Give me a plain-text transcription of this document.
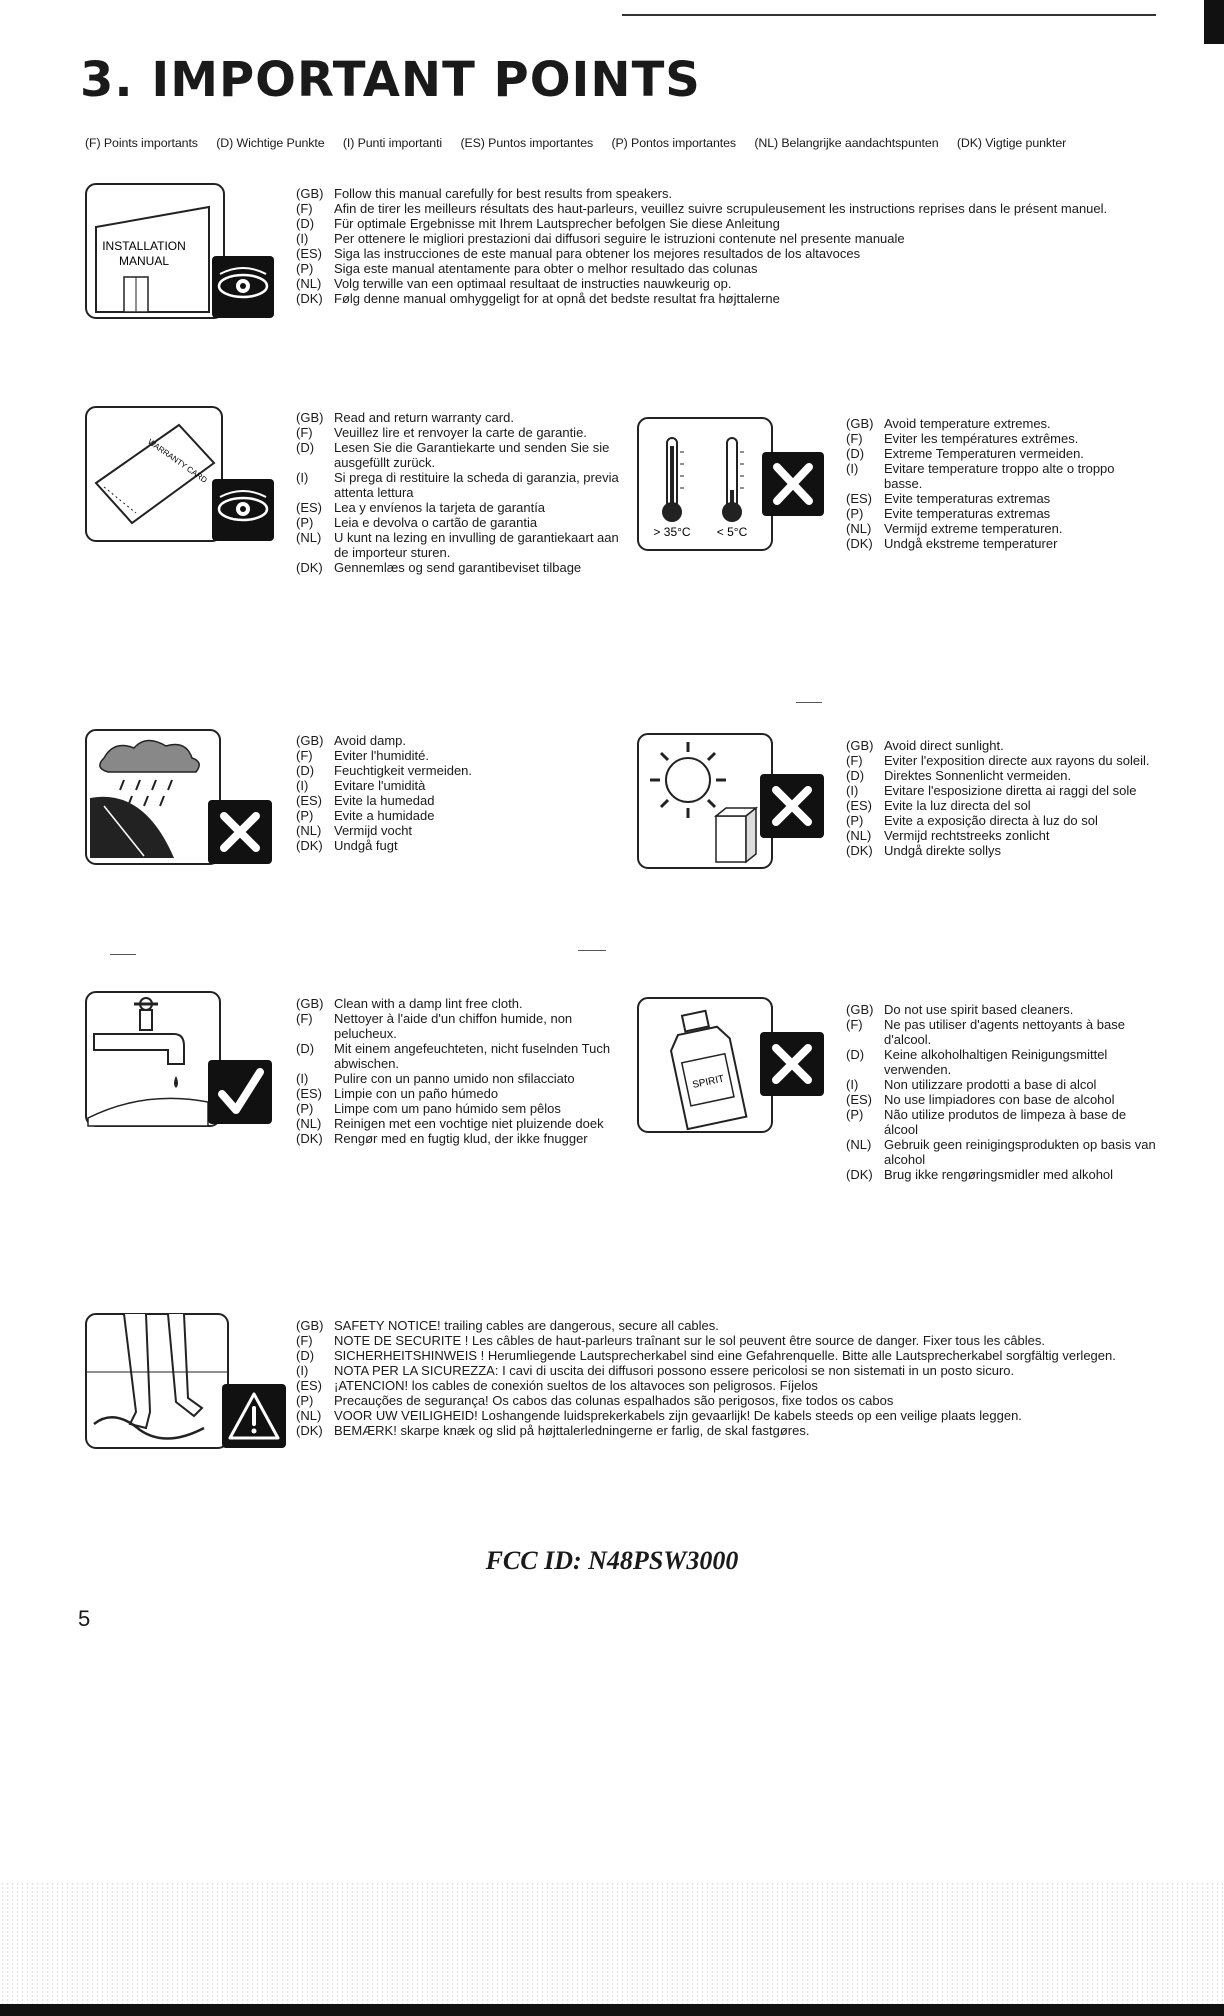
3. IMPORTANT POINTS
(F) Points importants (D) Wichtige Punkte (I) Punti importanti (ES) Puntos importantes (P) Pontos importantes (NL) Belangrijke aandachtspunten (DK) Vigtige punkter
INSTALLATION
MANUAL
(GB)	Follow this manual carefully for best results from speakers.
(F)	Afin de tirer les meilleurs résultats des haut-parleurs, veuillez suivre scrupuleusement les instructions reprises dans le présent manuel.
(D)	Für optimale Ergebnisse mit Ihrem Lautsprecher befolgen Sie diese Anleitung
(I)	Per ottenere le migliori prestazioni dai diffusori seguire le istruzioni contenute nel presente manuale
(ES)	Siga las instrucciones de este manual para obtener los mejores resultados de los altavoces
(P)	Siga este manual atentamente para obter o melhor resultado das colunas
(NL)	Volg terwille van een optimaal resultaat de instructies nauwkeurig op.
(DK)	Følg denne manual omhyggeligt for at opnå det bedste resultat fra højttalerne
WARRANTY CARD
(GB)	Read and return warranty card.
(F)	Veuillez lire et renvoyer la carte de garantie.
(D)	Lesen Sie die Garantiekarte und senden Sie sie ausgefüllt zurück.
(I)	Si prega di restituire la scheda di garanzia, previa attenta lettura
(ES)	Lea y envíenos la tarjeta de garantía
(P)	Leia e devolva o cartão de garantia
(NL)	U kunt na lezing en invulling de garantiekaart aan de importeur sturen.
(DK)	Gennemlæs og send garantibeviset tilbage
> 35°C < 5°C
(GB)	Avoid temperature extremes.
(F)	Eviter les températures extrêmes.
(D)	Extreme Temperaturen vermeiden.
(I)	Evitare temperature troppo alte o troppo basse.
(ES)	Evite temperaturas extremas
(P)	Evite temperaturas extremas
(NL)	Vermijd extreme temperaturen.
(DK)	Undgå ekstreme temperaturer
(GB)	Avoid damp.
(F)	Eviter l'humidité.
(D)	Feuchtigkeit vermeiden.
(I)	Evitare l'umidità
(ES)	Evite la humedad
(P)	Evite a humidade
(NL)	Vermijd vocht
(DK)	Undgå fugt
(GB)	Avoid direct sunlight.
(F)	Eviter l'exposition directe aux rayons du soleil.
(D)	Direktes Sonnenlicht vermeiden.
(I)	Evitare l'esposizione diretta ai raggi del sole
(ES)	Evite la luz directa del sol
(P)	Evite a exposição directa à luz do sol
(NL)	Vermijd rechtstreeks zonlicht
(DK)	Undgå direkte sollys
(GB)	Clean with a damp lint free cloth.
(F)	Nettoyer à l'aide d'un chiffon humide, non pelucheux.
(D)	Mit einem angefeuchteten, nicht fuselnden Tuch abwischen.
(I)	Pulire con un panno umido non sfilacciato
(ES)	Limpie con un paño húmedo
(P)	Limpe com um pano húmido sem pêlos
(NL)	Reinigen met een vochtige niet pluizende doek
(DK)	Rengør med en fugtig klud, der ikke fnugger
SPIRIT
(GB)	Do not use spirit based cleaners.
(F)	Ne pas utiliser d'agents nettoyants à base d'alcool.
(D)	Keine alkoholhaltigen Reinigungsmittel verwenden.
(I)	Non utilizzare prodotti a base di alcol
(ES)	No use limpiadores con base de alcohol
(P)	Não utilize produtos de limpeza à base de álcool
(NL)	Gebruik geen reinigingsprodukten op basis van alcohol
(DK)	Brug ikke rengøringsmidler med alkohol
(GB)	SAFETY NOTICE! trailing cables are dangerous, secure all cables.
(F)	NOTE DE SECURITE ! Les câbles de haut-parleurs traînant sur le sol peuvent être source de danger. Fixer tous les câbles.
(D)	SICHERHEITSHINWEIS ! Herumliegende Lautsprecherkabel sind eine Gefahrenquelle. Bitte alle Lautsprecherkabel sorgfältig verlegen.
(I)	NOTA PER LA SICUREZZA: I cavi di uscita dei diffusori possono essere pericolosi se non sistemati in un posto sicuro.
(ES)	¡ATENCION! los cables de conexión sueltos de los altavoces son peligrosos. Fíjelos
(P)	Precauções de segurança! Os cabos das colunas espalhados são perigosos, fixe todos os cabos
(NL)	VOOR UW VEILIGHEID! Loshangende luidsprekerkabels zijn gevaarlijk! De kabels steeds op een veilige plaats leggen.
(DK)	BEMÆRK! skarpe knæk og slid på højttalerledningerne er farlig, de skal fastgøres.
FCC ID: N48PSW3000
5
